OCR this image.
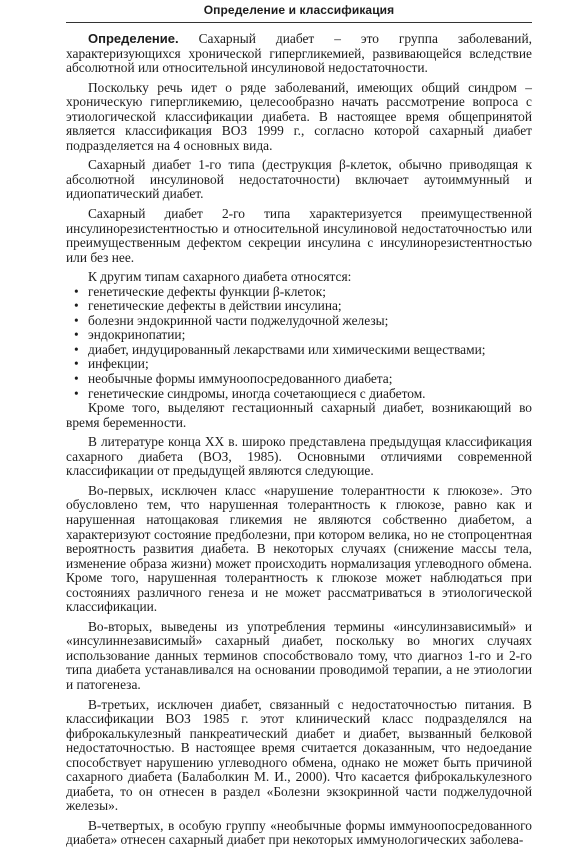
Определение и классификация

Определение. Сахарный диабет – это группа заболеваний, характеризующихся хронической гипергликемией, развивающейся вследствие абсолютной или относительной инсулиновой недостаточности.

Поскольку речь идет о ряде заболеваний, имеющих общий синдром – хроническую гипергликемию, целесообразно начать рассмотрение вопроса с этиологической классификации диабета. В настоящее время общепринятой является классификация ВОЗ 1999 г., согласно которой сахарный диабет подразделяется на 4 основных вида.

Сахарный диабет 1-го типа (деструкция β-клеток, обычно приводящая к абсолютной инсулиновой недостаточности) включает аутоиммунный и идиопатический диабет.

Сахарный диабет 2-го типа характеризуется преимущественной инсулинорезистентностью и относительной инсулиновой недостаточностью или преимущественным дефектом секреции инсулина с инсулинорезистентностью или без нее.

К другим типам сахарного диабета относятся:

• генетические дефекты функции β-клеток;
• генетические дефекты в действии инсулина;
• болезни эндокринной части поджелудочной железы;
• эндокринопатии;
• диабет, индуцированный лекарствами или химическими веществами;
• инфекции;
• необычные формы иммуноопосредованного диабета;
• генетические синдромы, иногда сочетающиеся с диабетом.

Кроме того, выделяют гестационный сахарный диабет, возникающий во время беременности.

В литературе конца XX в. широко представлена предыдущая классификация сахарного диабета (ВОЗ, 1985). Основными отличиями современной классификации от предыдущей являются следующие.

Во-первых, исключен класс «нарушение толерантности к глюкозе». Это обусловлено тем, что нарушенная толерантность к глюкозе, равно как и нарушенная натощаковая гликемия не являются собственно диабетом, а характеризуют состояние предболезни, при котором велика, но не стопроцентная вероятность развития диабета. В некоторых случаях (снижение массы тела, изменение образа жизни) может происходить нормализация углеводного обмена. Кроме того, нарушенная толерантность к глюкозе может наблюдаться при состояниях различного генеза и не может рассматриваться в этиологической классификации.

Во-вторых, выведены из употребления термины «инсулинзависимый» и «инсулиннезависимый» сахарный диабет, поскольку во многих случаях использование данных терминов способствовало тому, что диагноз 1-го и 2-го типа диабета устанавливался на основании проводимой терапии, а не этиологии и патогенеза.

В-третьих, исключен диабет, связанный с недостаточностью питания. В классификации ВОЗ 1985 г. этот клинический класс подразделялся на фиброкалькулезный панкреатический диабет и диабет, вызванный белковой недостаточностью. В настоящее время считается доказанным, что недоедание способствует нарушению углеводного обмена, однако не может быть причиной сахарного диабета (Балаболкин М. И., 2000). Что касается фиброкалькулезного диабета, то он отнесен в раздел «Болезни экзокринной части поджелудочной железы».

В-четвертых, в особую группу «необычные формы иммуноопосредованного диабета» отнесен сахарный диабет при некоторых иммунологических заболева-
